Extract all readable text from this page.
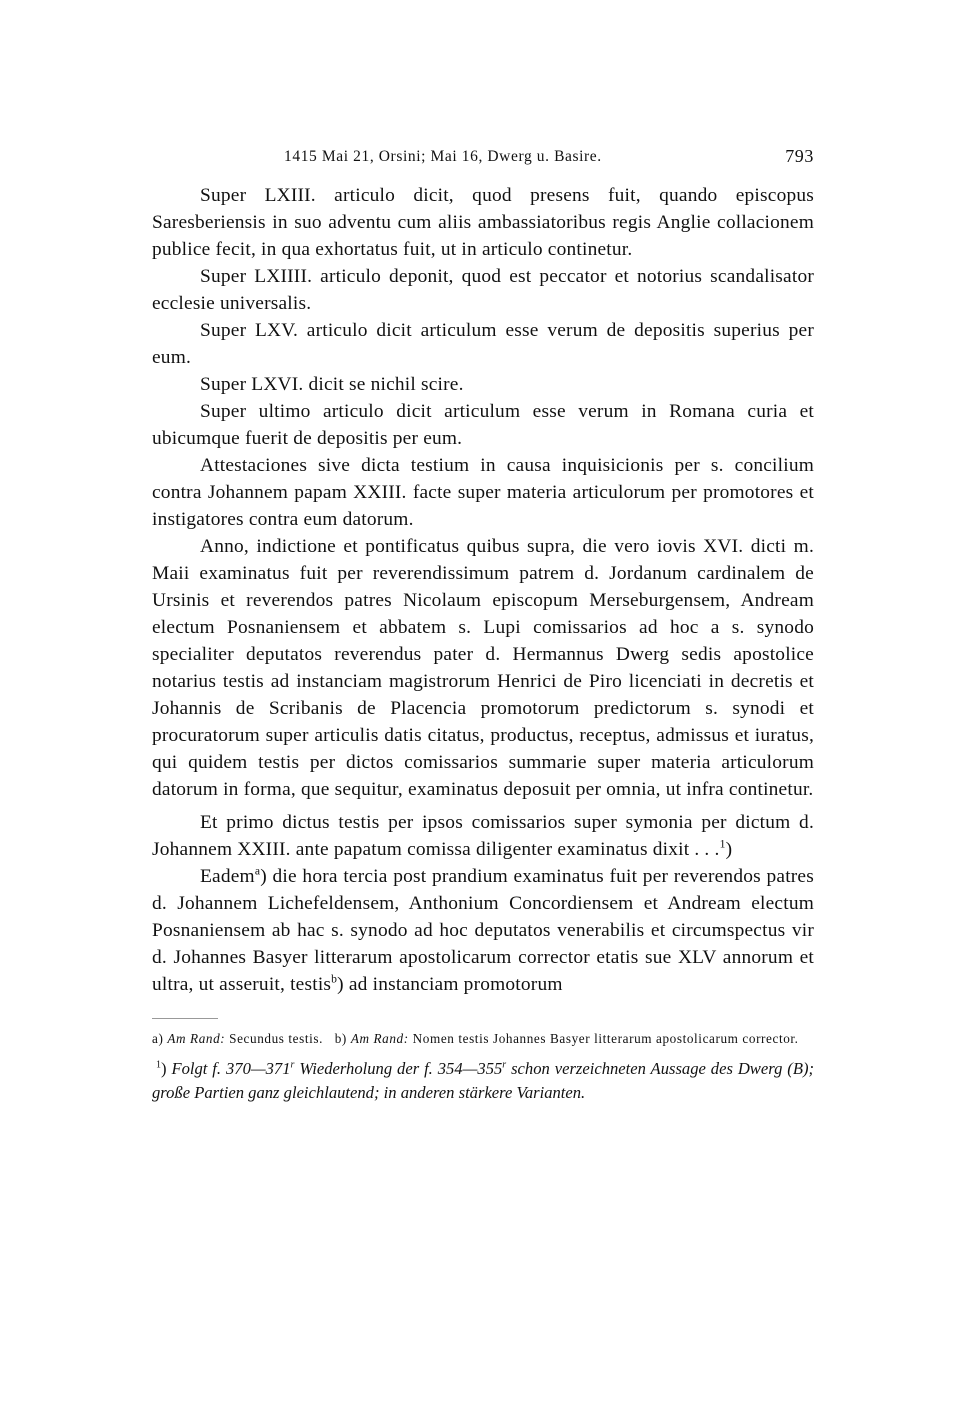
1415 Mai 21, Orsini; Mai 16, Dwerg u. Basire.	793

Super LXIII. articulo dicit, quod presens fuit, quando episcopus Saresberiensis in suo adventu cum aliis ambassiatoribus regis Anglie collacionem publice fecit, in qua exhortatus fuit, ut in articulo continetur.

Super LXIIII. articulo deponit, quod est peccator et notorius scandalisator ecclesie universalis.

Super LXV. articulo dicit articulum esse verum de depositis superius per eum.

Super LXVI. dicit se nichil scire.

Super ultimo articulo dicit articulum esse verum in Romana curia et ubicumque fuerit de depositis per eum.

Attestaciones sive dicta testium in causa inquisicionis per s. concilium contra Johannem papam XXIII. facte super materia articulorum per promotores et instigatores contra eum datorum.

Anno, indictione et pontificatus quibus supra, die vero iovis XVI. dicti m. Maii examinatus fuit per reverendissimum patrem d. Jordanum cardinalem de Ursinis et reverendos patres Nicolaum episcopum Merseburgensem, Andream electum Posnaniensem et abbatem s. Lupi comissarios ad hoc a s. synodo specialiter deputatos reverendus pater d. Hermannus Dwerg sedis apostolice notarius testis ad instanciam magistrorum Henrici de Piro licenciati in decretis et Johannis de Scribanis de Placencia promotorum predictorum s. synodi et procuratorum super articulis datis citatus, productus, receptus, admissus et iuratus, qui quidem testis per dictos comissarios summarie super materia articulorum datorum in forma, que sequitur, examinatus deposuit per omnia, ut infra continetur.

Et primo dictus testis per ipsos comissarios super symonia per dictum d. Johannem XXIII. ante papatum comissa diligenter examinatus dixit . . .$^1$)

Eadem$^a$) die hora tercia post prandium examinatus fuit per reverendos patres d. Johannem Lichefeldensem, Anthonium Concordiensem et Andream electum Posnaniensem ab hac s. synodo ad hoc deputatos venerabilis et circumspectus vir d. Johannes Basyer litterarum apostolicarum corrector etatis sue XLV annorum et ultra, ut asseruit, testis$^b$) ad instanciam promotorum

a) Am Rand: Secundus testis. b) Am Rand: Nomen testis Johannes Basyer litterarum apostolicarum corrector.

$^1$) Folgt f. 370—371$^r$ Wiederholung der f. 354—355$^r$ schon verzeichneten Aussage des Dwerg (B); große Partien ganz gleichlautend; in anderen stärkere Varianten.
